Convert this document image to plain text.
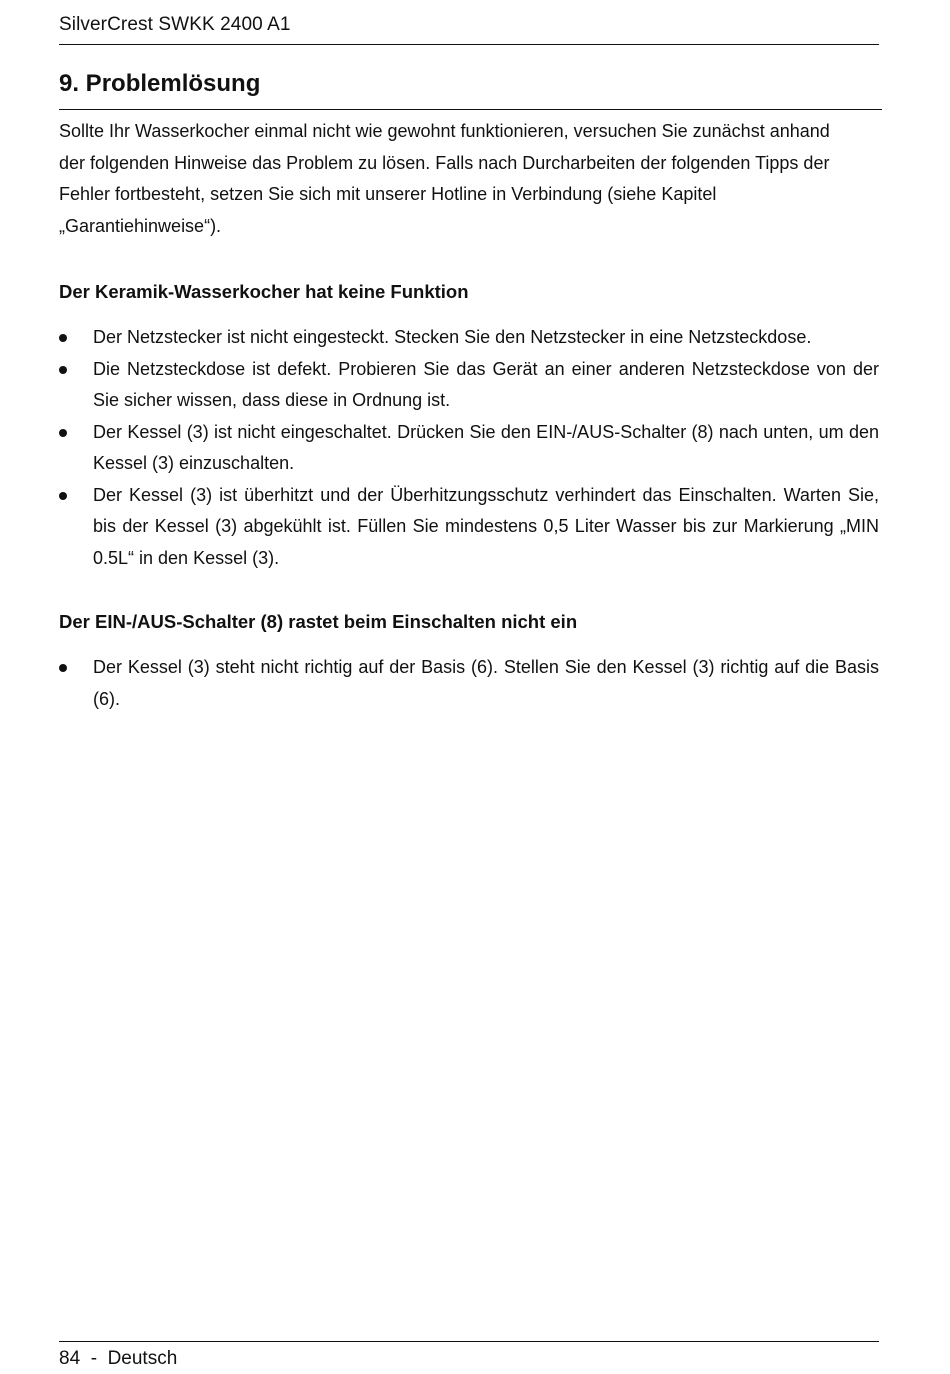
SilverCrest SWKK 2400 A1
9. Problemlösung

Sollte Ihr Wasserkocher einmal nicht wie gewohnt funktionieren, versuchen Sie zunächst anhand der folgenden Hinweise das Problem zu lösen. Falls nach Durcharbeiten der folgenden Tipps der Fehler fortbesteht, setzen Sie sich mit unserer Hotline in Verbindung (siehe Kapitel „Garantiehinweise“).

Der Keramik-Wasserkocher hat keine Funktion
Der Netzstecker ist nicht eingesteckt. Stecken Sie den Netzstecker in eine Netzsteckdose.
Die Netzsteckdose ist defekt. Probieren Sie das Gerät an einer anderen Netzsteckdose von der Sie sicher wissen, dass diese in Ordnung ist.
Der Kessel (3) ist nicht eingeschaltet. Drücken Sie den EIN-/AUS-Schalter (8) nach unten, um den Kessel (3) einzuschalten.
Der Kessel (3) ist überhitzt und der Überhitzungsschutz verhindert das Einschalten. Warten Sie, bis der Kessel (3) abgekühlt ist. Füllen Sie mindestens 0,5 Liter Wasser bis zur Markierung „MIN 0.5L“ in den Kessel (3).
Der EIN-/AUS-Schalter (8) rastet beim Einschalten nicht ein
Der Kessel (3) steht nicht richtig auf der Basis (6). Stellen Sie den Kessel (3) richtig auf die Basis (6).
84  -  Deutsch
